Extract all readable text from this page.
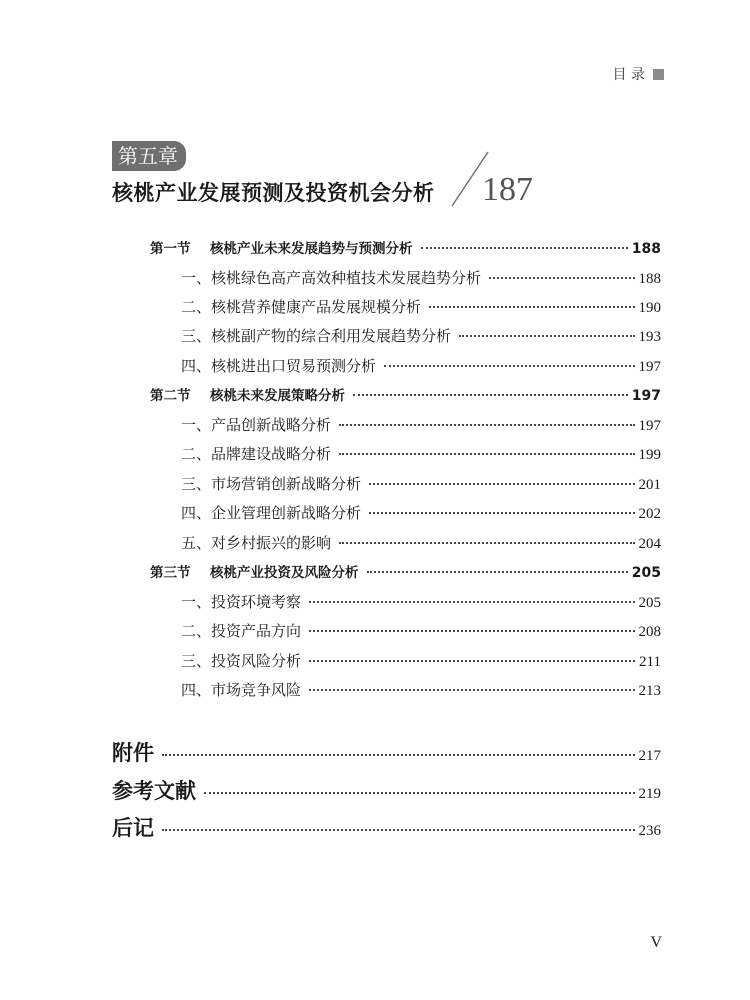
目 录
第五章
核桃产业发展预测及投资机会分析 187
第一节	核桃产业未来发展趋势与预测分析	188
一、核桃绿色高产高效种植技术发展趋势分析	188
二、核桃营养健康产品发展规模分析	190
三、核桃副产物的综合利用发展趋势分析	193
四、核桃进出口贸易预测分析	197
第二节	核桃未来发展策略分析	197
一、产品创新战略分析	197
二、品牌建设战略分析	199
三、市场营销创新战略分析	201
四、企业管理创新战略分析	202
五、对乡村振兴的影响	204
第三节	核桃产业投资及风险分析	205
一、投资环境考察	205
二、投资产品方向	208
三、投资风险分析	211
四、市场竞争风险	213
附件	217
参考文献	219
后记	236
V
